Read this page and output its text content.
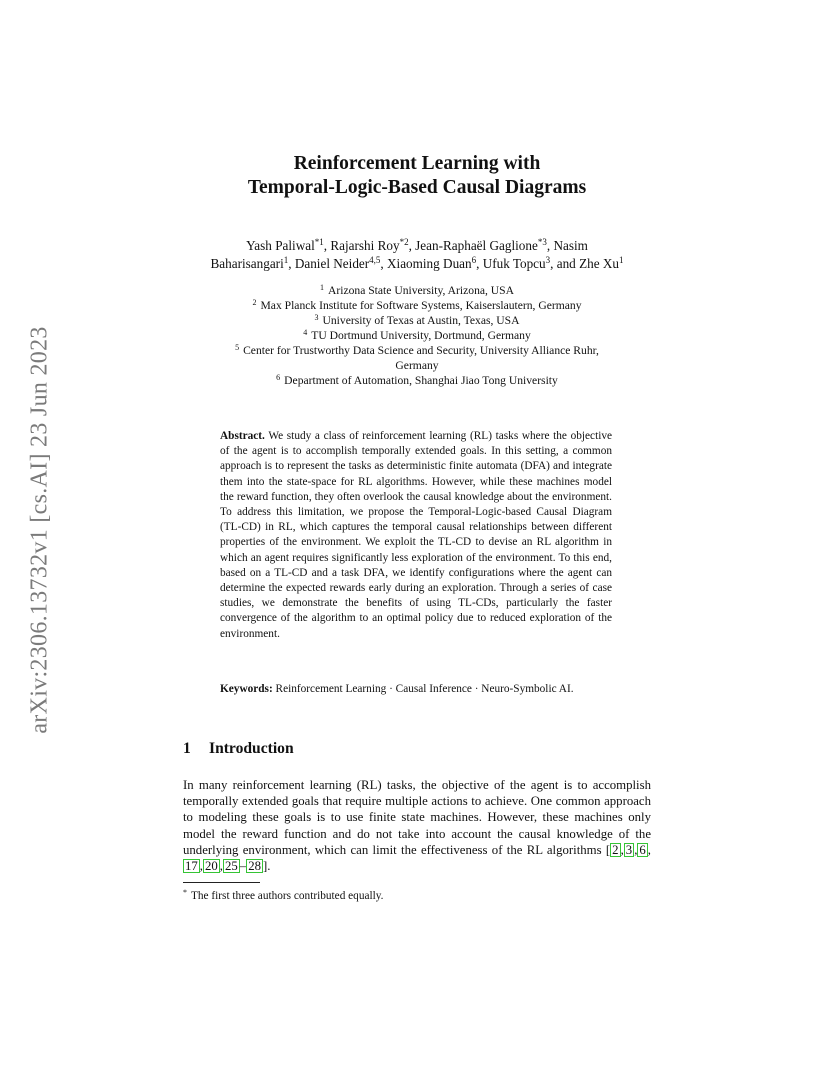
arXiv:2306.13732v1 [cs.AI] 23 Jun 2023
Reinforcement Learning with
Temporal-Logic-Based Causal Diagrams
Yash Paliwal$^{*1}$, Rajarshi Roy$^{*2}$, Jean-Raphaël Gaglione$^{*3}$, Nasim
Baharisangari$^1$, Daniel Neider$^{4,5}$, Xiaoming Duan$^6$, Ufuk Topcu$^3$, and Zhe Xu$^1$
$^1$ Arizona State University, Arizona, USA
$^2$ Max Planck Institute for Software Systems, Kaiserslautern, Germany
$^3$ University of Texas at Austin, Texas, USA
$^4$ TU Dortmund University, Dortmund, Germany
$^5$ Center for Trustworthy Data Science and Security, University Alliance Ruhr,
Germany
$^6$ Department of Automation, Shanghai Jiao Tong University
Abstract. We study a class of reinforcement learning (RL) tasks where the objective of the agent is to accomplish temporally extended goals. In this setting, a common approach is to represent the tasks as deterministic finite automata (DFA) and integrate them into the state-space for RL algorithms. However, while these machines model the reward function, they often overlook the causal knowledge about the environment. To address this limitation, we propose the Temporal-Logic-based Causal Diagram (TL-CD) in RL, which captures the temporal causal relationships between different properties of the environment. We exploit the TL-CD to devise an RL algorithm in which an agent requires significantly less exploration of the environment. To this end, based on a TL-CD and a task DFA, we identify configurations where the agent can determine the expected rewards early during an exploration. Through a series of case studies, we demonstrate the benefits of using TL-CDs, particularly the faster convergence of the algorithm to an optimal policy due to reduced exploration of the environment.
Keywords: Reinforcement Learning · Causal Inference · Neuro-Symbolic AI.
1 Introduction
In many reinforcement learning (RL) tasks, the objective of the agent is to accomplish temporally extended goals that require multiple actions to achieve. One common approach to modeling these goals is to use finite state machines. However, these machines only model the reward function and do not take into account the causal knowledge of the underlying environment, which can limit the effectiveness of the RL algorithms [ 2 , 3 , 6 ,17 , 20 , 25 – 28 ].
* The first three authors contributed equally.
